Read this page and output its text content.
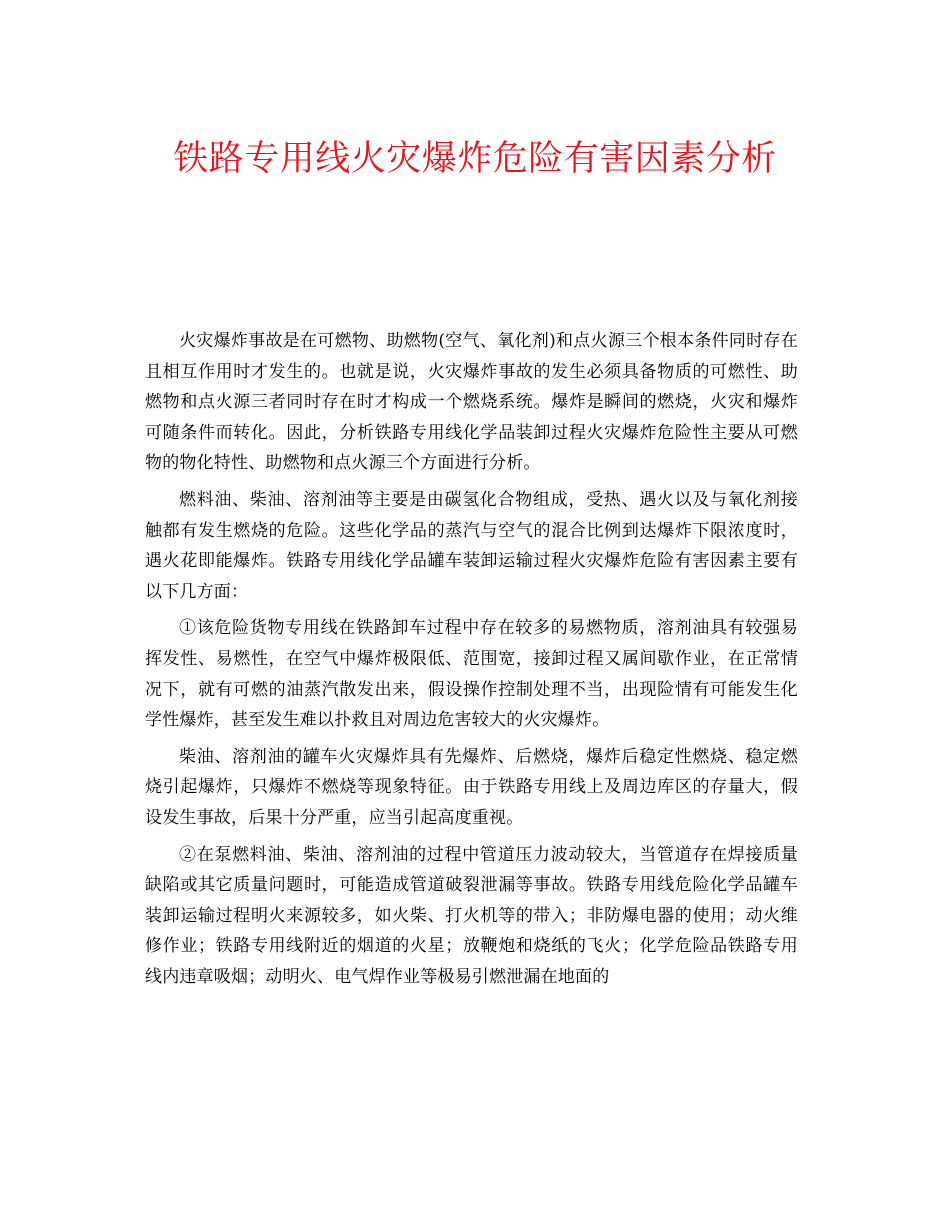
铁路专用线火灾爆炸危险有害因素分析

火灾爆炸事故是在可燃物、助燃物(空气、氧化剂)和点火源三个根本条件同时存在且相互作用时才发生的。也就是说，火灾爆炸事故的发生必须具备物质的可燃性、助燃物和点火源三者同时存在时才构成一个燃烧系统。爆炸是瞬间的燃烧，火灾和爆炸可随条件而转化。因此，分析铁路专用线化学品装卸过程火灾爆炸危险性主要从可燃物的物化特性、助燃物和点火源三个方面进行分析。

燃料油、柴油、溶剂油等主要是由碳氢化合物组成，受热、遇火以及与氧化剂接触都有发生燃烧的危险。这些化学品的蒸汽与空气的混合比例到达爆炸下限浓度时，遇火花即能爆炸。铁路专用线化学品罐车装卸运输过程火灾爆炸危险有害因素主要有以下几方面：

①该危险货物专用线在铁路卸车过程中存在较多的易燃物质，溶剂油具有较强易挥发性、易燃性，在空气中爆炸极限低、范围宽，接卸过程又属间歇作业，在正常情况下，就有可燃的油蒸汽散发出来，假设操作控制处理不当，出现险情有可能发生化学性爆炸，甚至发生难以扑救且对周边危害较大的火灾爆炸。

柴油、溶剂油的罐车火灾爆炸具有先爆炸、后燃烧，爆炸后稳定性燃烧、稳定燃烧引起爆炸，只爆炸不燃烧等现象特征。由于铁路专用线上及周边库区的存量大，假设发生事故，后果十分严重，应当引起高度重视。

②在泵燃料油、柴油、溶剂油的过程中管道压力波动较大，当管道存在焊接质量缺陷或其它质量问题时，可能造成管道破裂泄漏等事故。铁路专用线危险化学品罐车装卸运输过程明火来源较多，如火柴、打火机等的带入；非防爆电器的使用；动火维修作业；铁路专用线附近的烟道的火星；放鞭炮和烧纸的飞火；化学危险品铁路专用线内违章吸烟；动明火、电气焊作业等极易引燃泄漏在地面的
